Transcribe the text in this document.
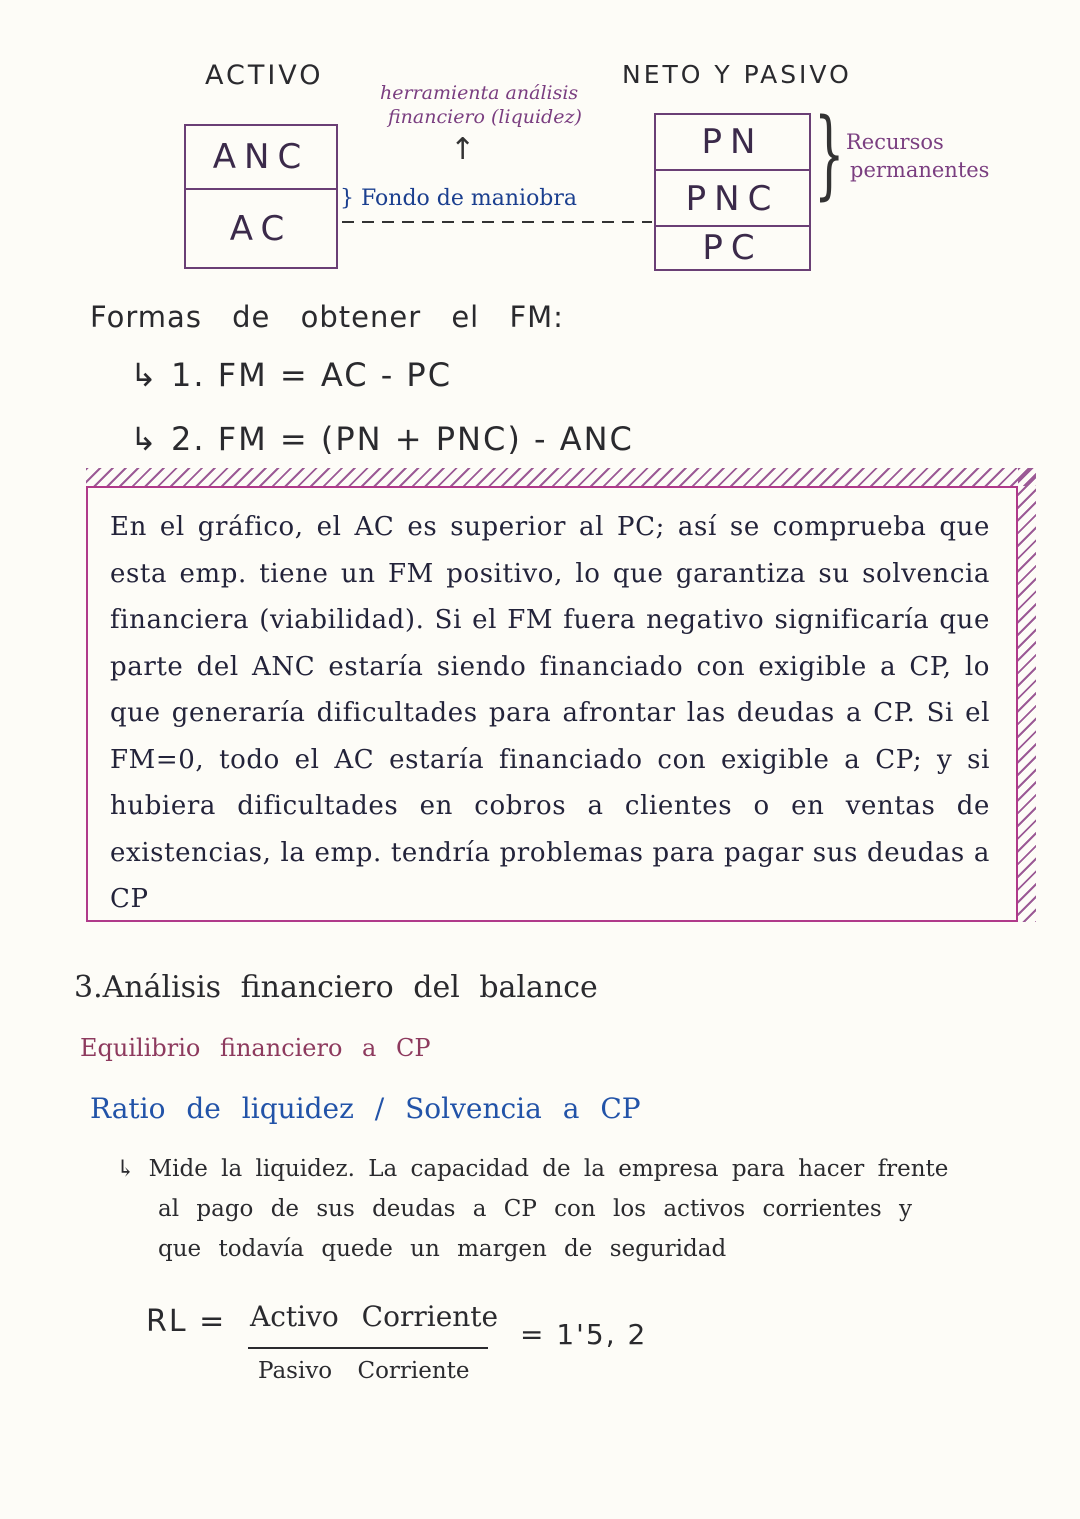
ACTIVO	NETO Y PASIVO
herramienta análisis
financiero (liquidez)
↑
ANC
AC
} Fondo de maniobra
PN
PNC
PC
} Recursos
permanentes
Formas de obtener el FM:
↳ 1. FM = AC - PC
↳ 2. FM = (PN + PNC) - ANC
En el gráfico, el AC es superior al PC; así se comprueba que esta emp. tiene un FM positivo, lo que garantiza su solvencia financiera (viabilidad). Si el FM fuera negativo significaría que parte del ANC estaría siendo financiado con exigible a CP, lo que generaría dificultades para afrontar las deudas a CP. Si el FM=0, todo el AC estaría financiado con exigible a CP; y si hubiera dificultades en cobros a clientes o en ventas de existencias, la emp. tendría problemas para pagar sus deudas a CP
3.Análisis financiero del balance
Equilibrio financiero a CP
Ratio de liquidez / Solvencia a CP
↳ Mide la liquidez. La capacidad de la empresa para hacer frente
al pago de sus deudas a CP con los activos corrientes y
que todavía quede un margen de seguridad
RL = Activo Corriente
Pasivo Corriente
= 1'5, 2
